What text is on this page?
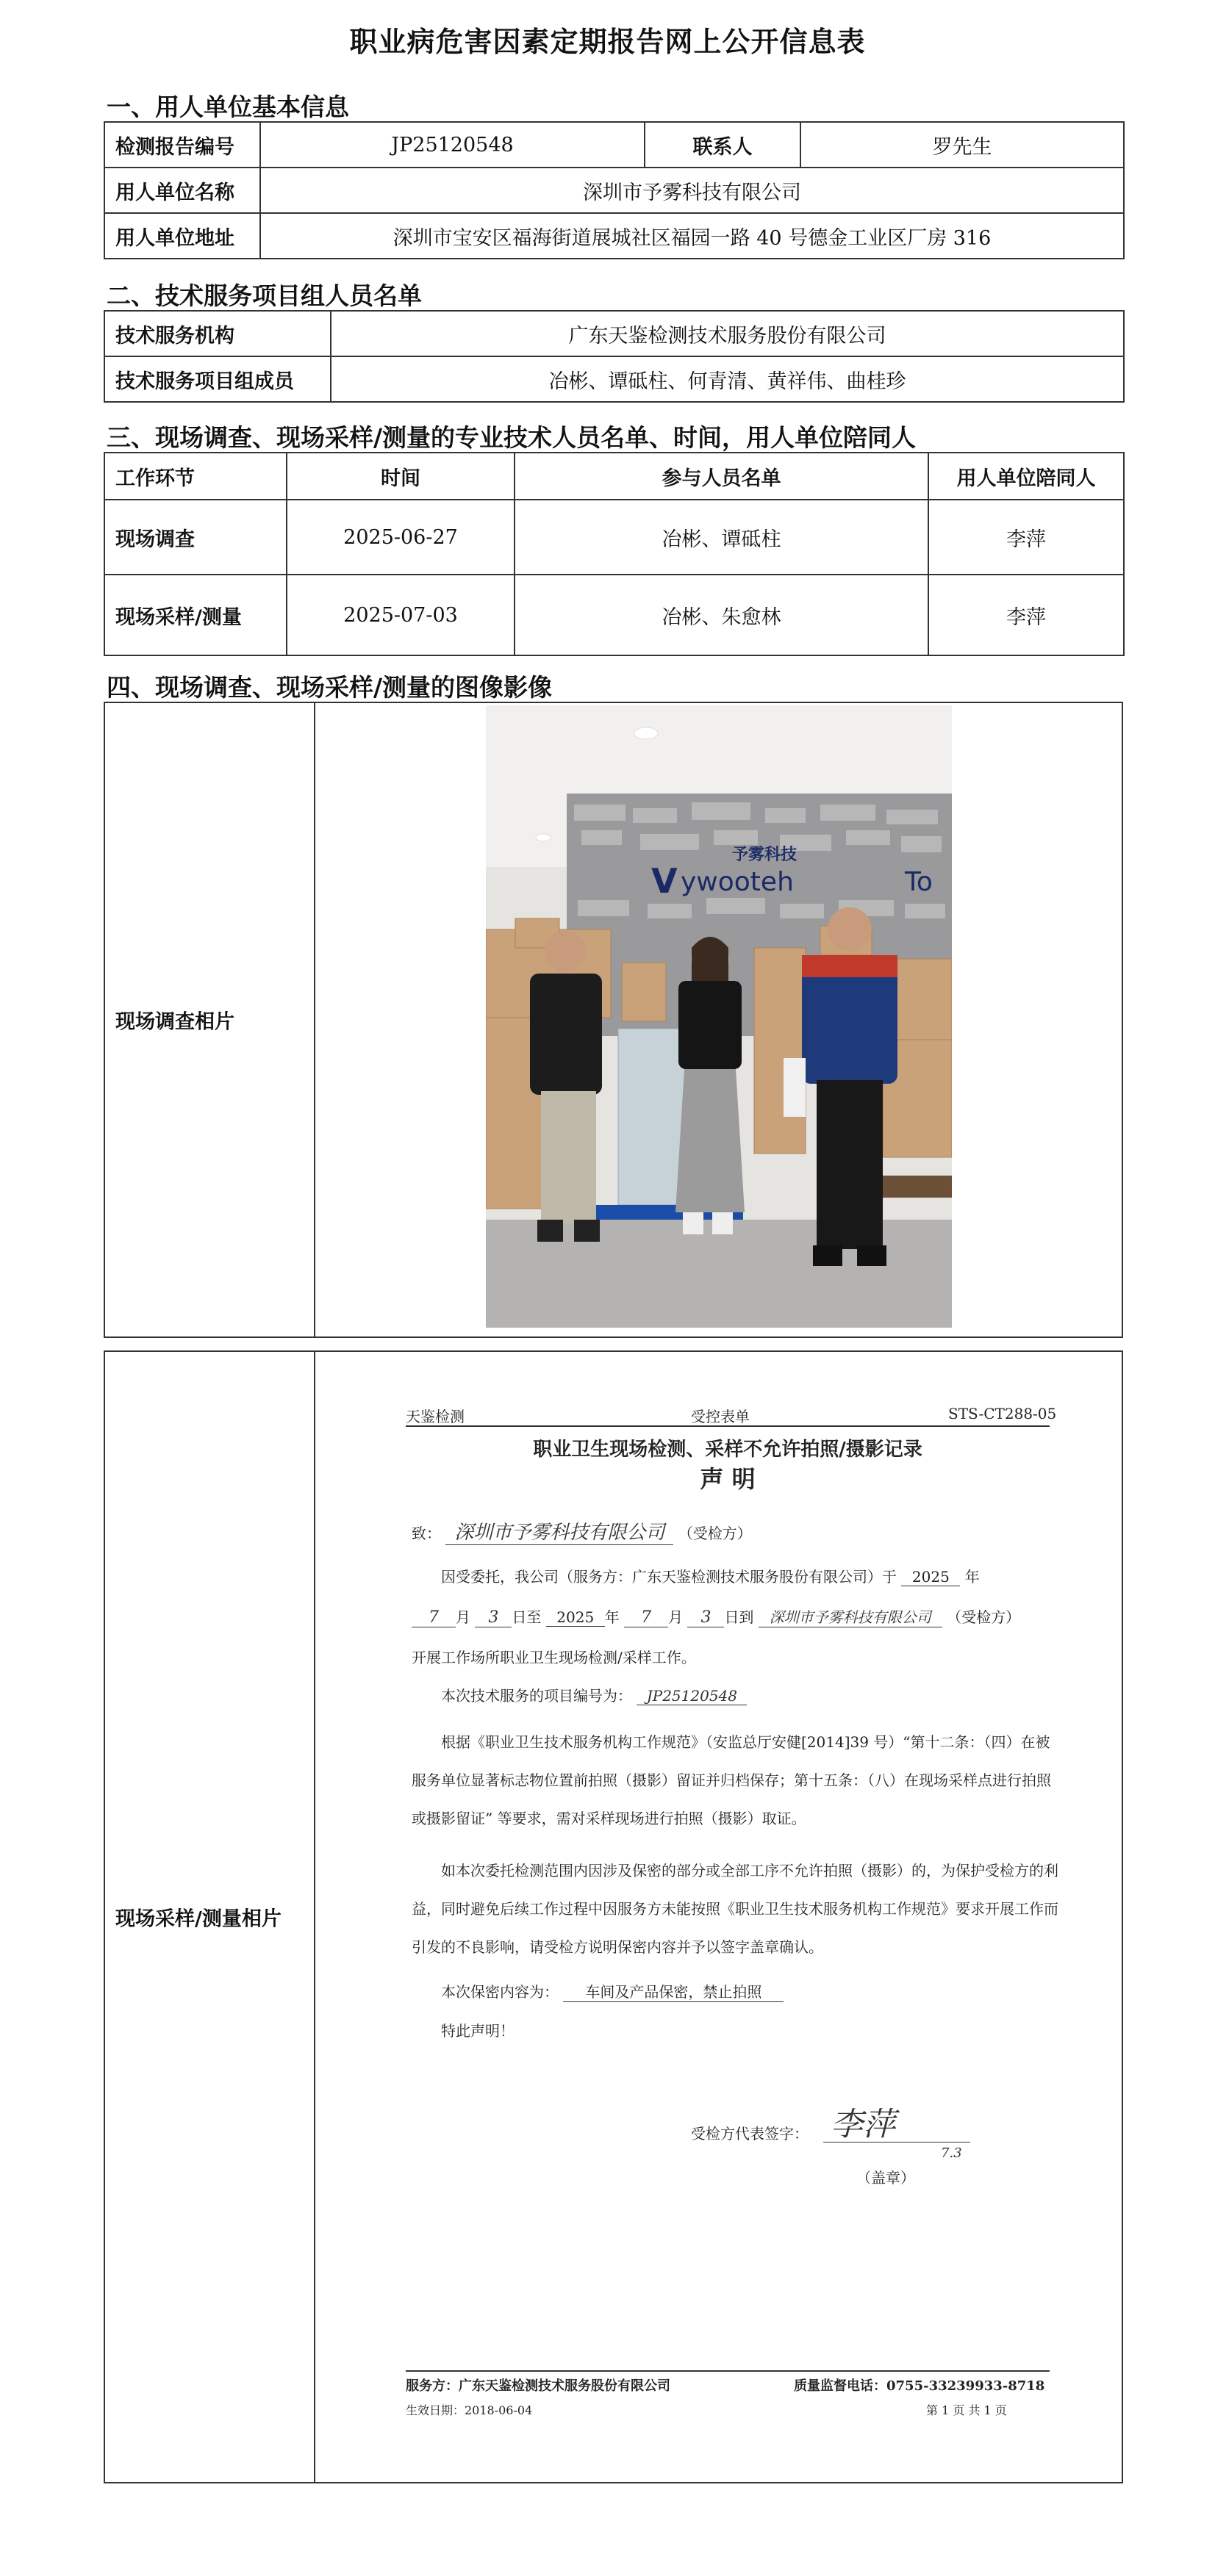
职业病危害因素定期报告网上公开信息表
一、用人单位基本信息
检测报告编号	JP25120548	联系人	罗先生
用人单位名称	深圳市予雾科技有限公司		
用人单位地址	深圳市宝安区福海街道展城社区福园一路 40 号德金工业区厂房 316		
二、技术服务项目组人员名单
技术服务机构	广东天鉴检测技术服务股份有限公司
技术服务项目组成员	冶彬、谭砥柱、何青清、黄祥伟、曲桂珍
三、现场调查、现场采样/测量的专业技术人员名单、时间，用人单位陪同人
工作环节	时间	参与人员名单	用人单位陪同人
现场调查	2025-06-27	冶彬、谭砥柱	李萍
现场采样/测量	2025-07-03	冶彬、朱愈林	李萍
四、现场调查、现场采样/测量的图像影像
现场调查相片
予雾科技
V ywooteh	To
现场采样/测量相片
天鉴检测	受控表单	STS-CT288-05
职业卫生现场检测、采样不允许拍照/摄影记录
声 明
致： 深圳市予雾科技有限公司 （受检方）
因受委托，我公司（服务方：广东天鉴检测技术服务股份有限公司）于 2025 年
7 月 3 日至 2025 年 7 月 3 日到 深圳市予雾科技有限公司 （受检方）
开展工作场所职业卫生现场检测/采样工作。
本次技术服务的项目编号为： JP25120548
根据《职业卫生技术服务机构工作规范》（安监总厅安健[2014]39 号）“第十二条：（四）在被服务单位显著标志物位置前拍照（摄影）留证并归档保存；第十五条：（八）在现场采样点进行拍照或摄影留证” 等要求，需对采样现场进行拍照（摄影）取证。
如本次委托检测范围内因涉及保密的部分或全部工序不允许拍照（摄影）的，为保护受检方的利益，同时避免后续工作过程中因服务方未能按照《职业卫生技术服务机构工作规范》要求开展工作而引发的不良影响，请受检方说明保密内容并予以签字盖章确认。
本次保密内容为： 车间及产品保密，禁止拍照
特此声明！
受检方代表签字： 李萍
7.3
（盖章）
服务方：广东天鉴检测技术服务股份有限公司	质量监督电话：0755-33239933-8718
生效日期：2018-06-04	第 1 页 共 1 页
